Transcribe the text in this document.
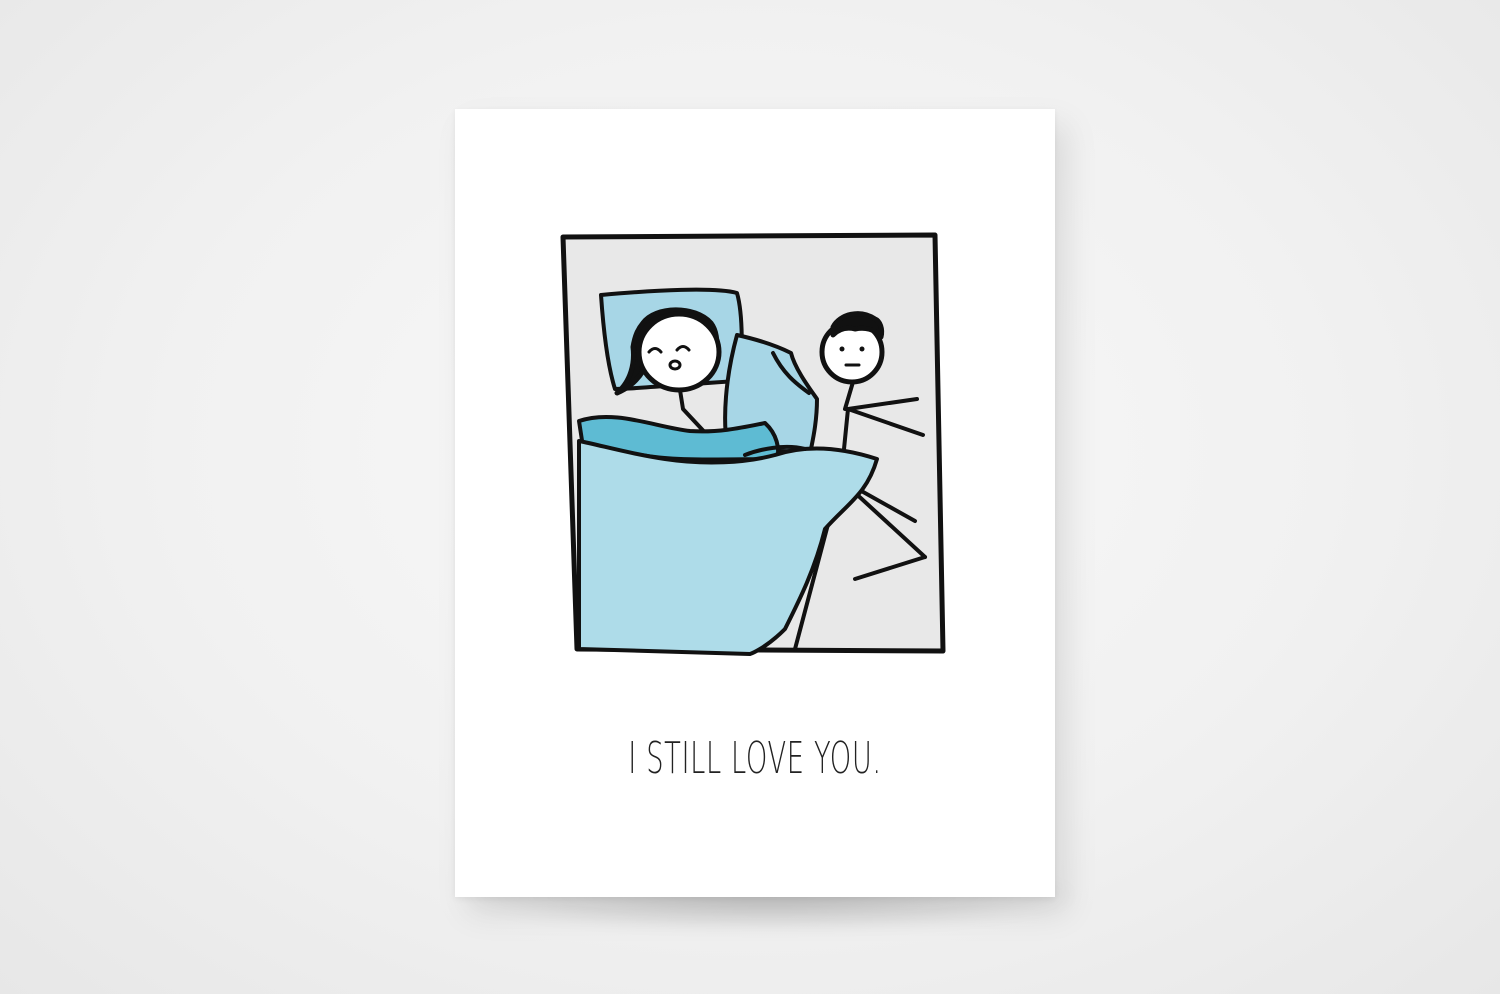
I STILL LOVE YOU.
